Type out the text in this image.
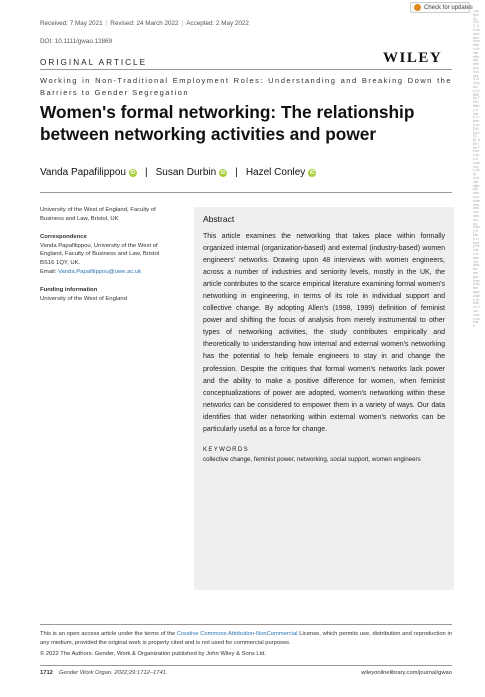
Received: 7 May 2021 | Revised: 24 March 2022 | Accepted: 2 May 2022
DOI: 10.1111/gwao.12869
Check for updates
14680432, 2022, 5, Downloaded from https://onlinelibrary.wiley.com/doi/10.1111/gwao.12869 by Test, Wiley Online Library on [16/04/2025]. See the Terms and Conditions (https://onlinelibrary.wiley.com/terms-and-conditions) on Wiley Online Library for rules of use; OA articles are governed by the applicable Creative Commons License
ORIGINAL ARTICLE	WILEY
Working in Non-Traditional Employment Roles: Understanding and Breaking Down the Barriers to Gender Segregation
Women's formal networking: The relationship between networking activities and power
Vanda Papafilippou iD | Susan Durbin iD | Hazel Conley iD
University of the West of England, Faculty of Business and Law, Bristol, UK
Correspondence
Vanda Papafilippou, University of the West of England, Faculty of Business and Law, Bristol BS16 1QY, UK.
Email: Vanda.Papafilippou@uwe.ac.uk
Funding information
University of the West of England
Abstract

This article examines the networking that takes place within formally organized internal (organization-based) and external (industry-based) women engineers' networks. Drawing upon 48 interviews with women engineers, across a number of industries and seniority levels, mostly in the UK, the article contributes to the scarce empirical literature examining formal women's networking in engineering, in terms of its role in individual support and collective change. By adopting Allen's (1998, 1999) definition of feminist power and shifting the focus of analysis from merely instrumental to other types of networking activities, the study contributes empirically and theoretically to understanding how internal and external women's networking has the potential to help female engineers to stay in and change the profession. Despite the critiques that formal women's networks lack power and the ability to make a positive difference for women, when feminist conceptualizations of power are adopted, women's networking within these networks can be considered to empower them in a variety of ways. Our data identifies that wider networking within external women's networks can be particularly useful as a force for change.

KEYWORDS
collective change, feminist power, networking, social support, women engineers

This is an open access article under the terms of the Creative Commons Attribution-NonCommercial License, which permits use, distribution and reproduction in any medium, provided the original work is properly cited and is not used for commercial purposes.

© 2022 The Authors. Gender, Work & Organization published by John Wiley & Sons Ltd.
1712 Gender Work Organ. 2022;29:1712–1741.	wileyonlinelibrary.com/journal/gwao
